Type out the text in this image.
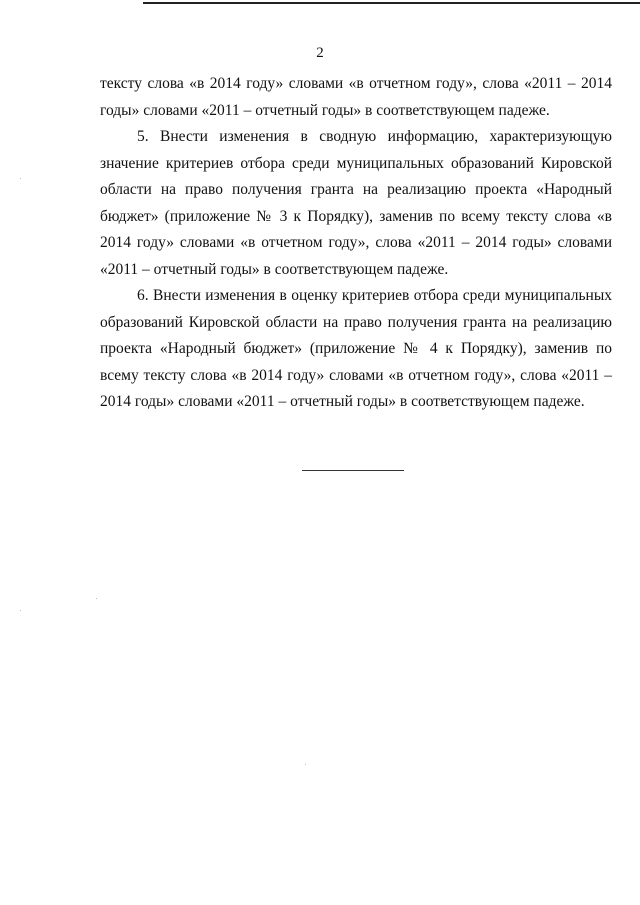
2

тексту слова «в 2014 году» словами «в отчетном году», слова «2011 – 2014 годы» словами «2011 – отчетный годы» в соответствующем падеже.

5. Внести изменения в сводную информацию, характеризующую значение критериев отбора среди муниципальных образований Кировской области на право получения гранта на реализацию проекта «Народный бюджет» (приложение № 3 к Порядку), заменив по всему тексту слова «в 2014 году» словами «в отчетном году», слова «2011 – 2014 годы» словами «2011 – отчетный годы» в соответствующем падеже.

6. Внести изменения в оценку критериев отбора среди муниципальных образований Кировской области на право получения гранта на реализацию проекта «Народный бюджет» (приложение № 4 к Порядку), заменив по всему тексту слова «в 2014 году» словами «в отчетном году», слова «2011 – 2014 годы» словами «2011 – отчетный годы» в соответствующем падеже.
